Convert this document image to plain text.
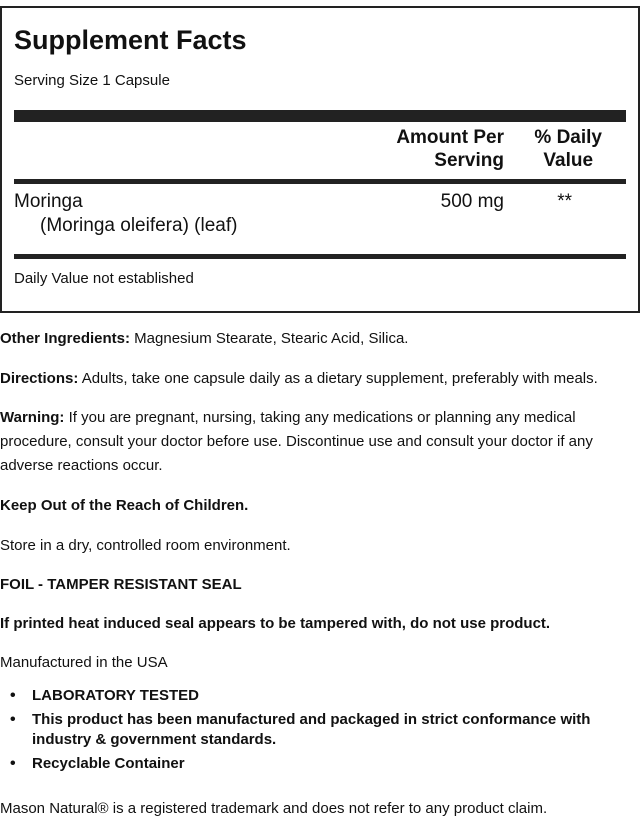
Supplement Facts
Serving Size 1 Capsule
Amount Per
Serving
% Daily
Value
Moringa
(Moringa oleifera) (leaf)
500 mg	**
Daily Value not established
Other Ingredients: Magnesium Stearate, Stearic Acid, Silica.
Directions: Adults, take one capsule daily as a dietary supplement, preferably with meals.
Warning: If you are pregnant, nursing, taking any medications or planning any medical procedure, consult your doctor before use. Discontinue use and consult your doctor if any adverse reactions occur.
Keep Out of the Reach of Children.
Store in a dry, controlled room environment.
FOIL - TAMPER RESISTANT SEAL
If printed heat induced seal appears to be tampered with, do not use product.
Manufactured in the USA
• LABORATORY TESTED
• This product has been manufactured and packaged in strict conformance with industry & government standards.
• Recyclable Container
Mason Natural® is a registered trademark and does not refer to any product claim.
